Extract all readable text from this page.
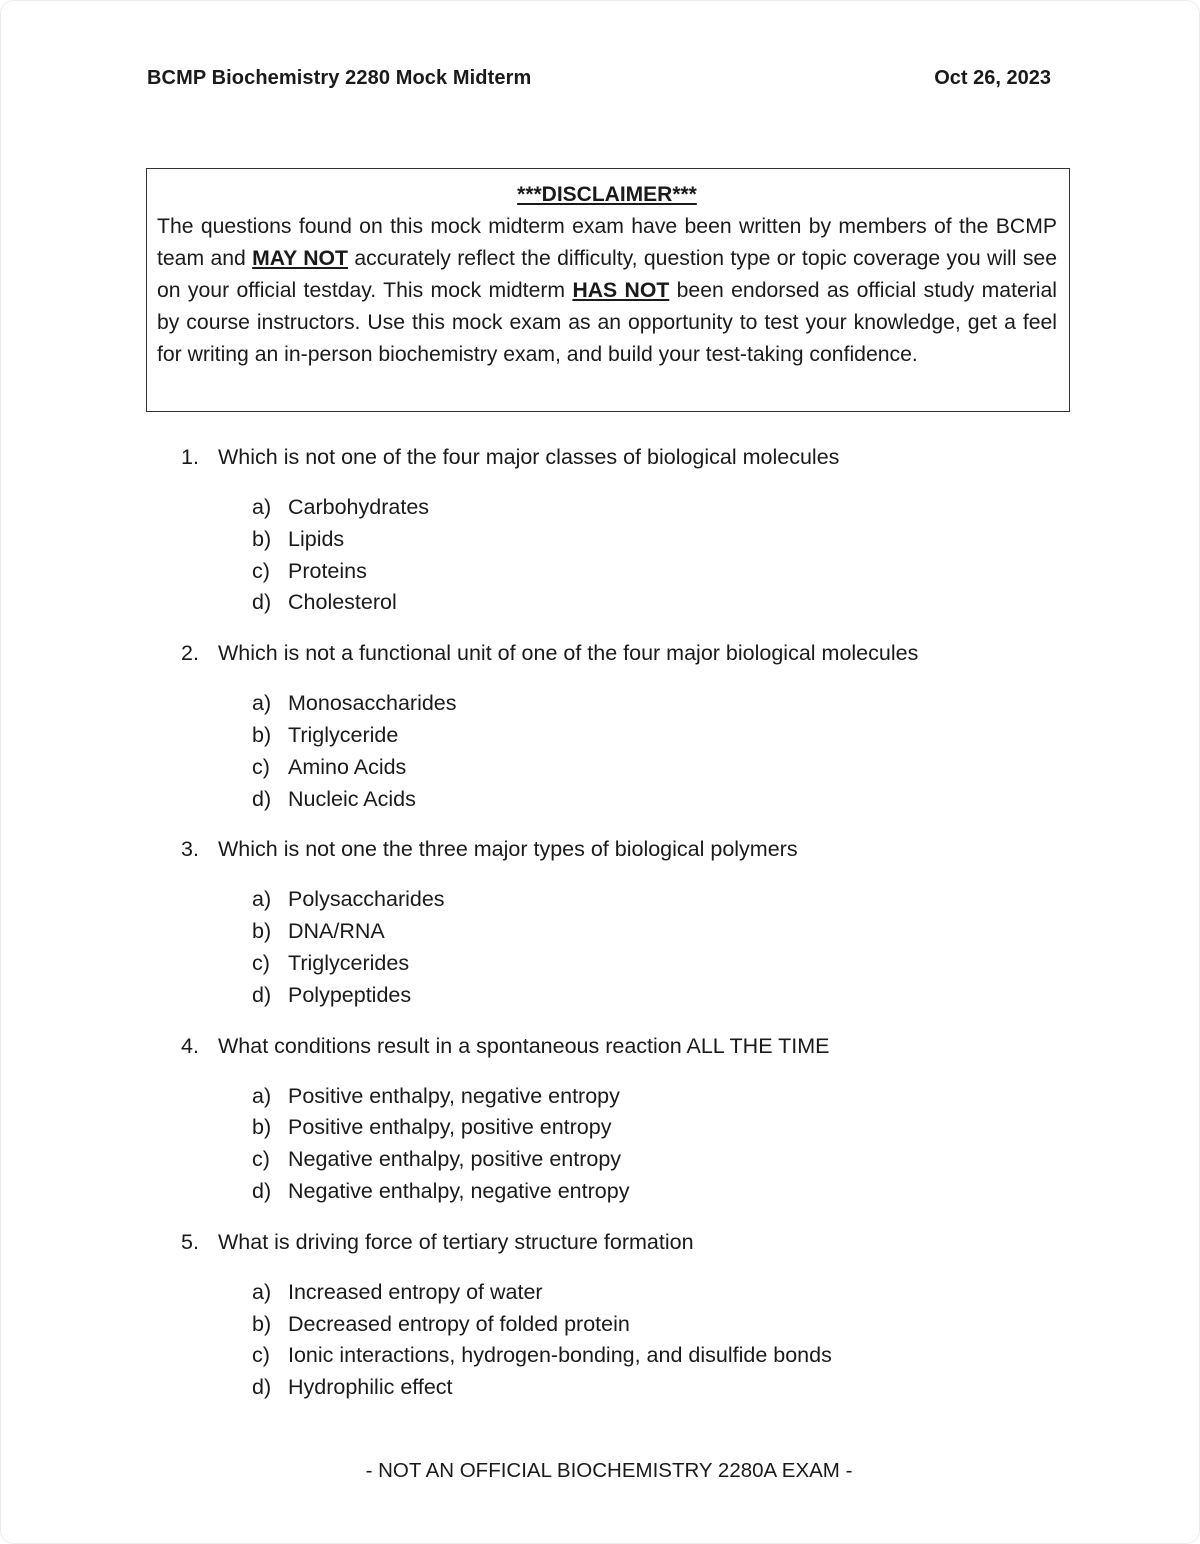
BCMP Biochemistry 2280 Mock Midterm	Oct 26, 2023
***DISCLAIMER***
The questions found on this mock midterm exam have been written by members of the BCMP team and MAY NOT accurately reflect the difficulty, question type or topic coverage you will see on your official testday. This mock midterm HAS NOT been endorsed as official study material by course instructors. Use this mock exam as an opportunity to test your knowledge, get a feel for writing an in-person biochemistry exam, and build your test-taking confidence.
1. Which is not one of the four major classes of biological molecules
a) Carbohydrates
b) Lipids
c) Proteins
d) Cholesterol
2. Which is not a functional unit of one of the four major biological molecules
a) Monosaccharides
b) Triglyceride
c) Amino Acids
d) Nucleic Acids
3. Which is not one the three major types of biological polymers
a) Polysaccharides
b) DNA/RNA
c) Triglycerides
d) Polypeptides
4. What conditions result in a spontaneous reaction ALL THE TIME
a) Positive enthalpy, negative entropy
b) Positive enthalpy, positive entropy
c) Negative enthalpy, positive entropy
d) Negative enthalpy, negative entropy
5. What is driving force of tertiary structure formation
a) Increased entropy of water
b) Decreased entropy of folded protein
c) Ionic interactions, hydrogen-bonding, and disulfide bonds
d) Hydrophilic effect
- NOT AN OFFICIAL BIOCHEMISTRY 2280A EXAM -
